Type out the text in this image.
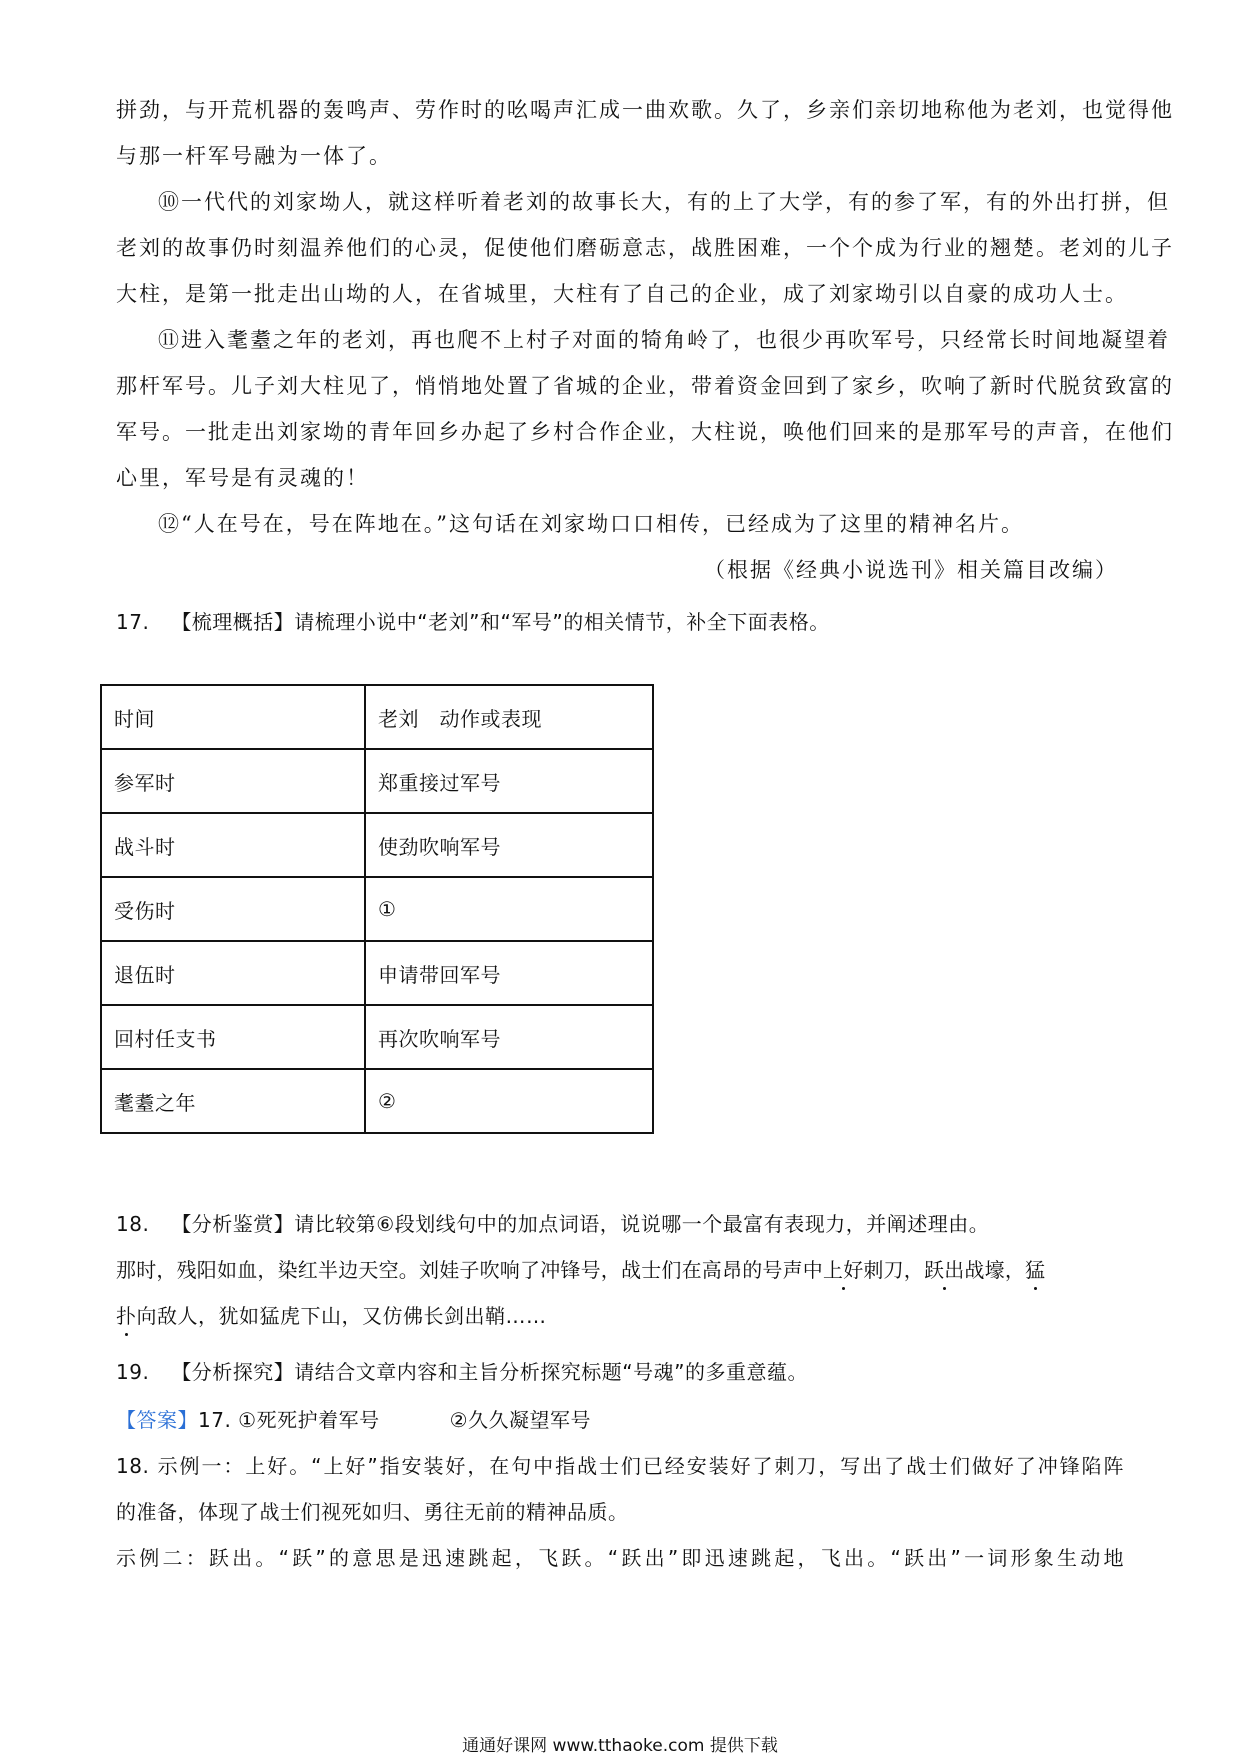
拼劲，与开荒机器的轰鸣声、劳作时的吆喝声汇成一曲欢歌。久了，乡亲们亲切地称他为老刘，也觉得他
与那一杆军号融为一体了。
⑩一代代的刘家坳人，就这样听着老刘的故事长大，有的上了大学，有的参了军，有的外出打拼，但
老刘的故事仍时刻温养他们的心灵，促使他们磨砺意志，战胜困难，一个个成为行业的翘楚。老刘的儿子
大柱，是第一批走出山坳的人，在省城里，大柱有了自己的企业，成了刘家坳引以自豪的成功人士。
⑪进入耄耋之年的老刘，再也爬不上村子对面的犄角岭了，也很少再吹军号，只经常长时间地凝望着
那杆军号。儿子刘大柱见了，悄悄地处置了省城的企业，带着资金回到了家乡，吹响了新时代脱贫致富的
军号。一批走出刘家坳的青年回乡办起了乡村合作企业，大柱说，唤他们回来的是那军号的声音，在他们
心里，军号是有灵魂的！
⑫“人在号在，号在阵地在。”这句话在刘家坳口口相传，已经成为了这里的精神名片。
（根据《经典小说选刊》相关篇目改编）
17. 【梳理概括】请梳理小说中“老刘”和“军号”的相关情节，补全下面表格。
时间	老刘　动作或表现
参军时	郑重接过军号
战斗时	使劲吹响军号
受伤时	①
退伍时	申请带回军号
回村任支书	再次吹响军号
耄耋之年	②
18. 【分析鉴赏】请比较第⑥段划线句中的加点词语，说说哪一个最富有表现力，并阐述理由。
那时，残阳如血，染红半边天空。刘娃子吹响了冲锋号，战士们在高昂的号声中上好刺刀，跃出战壕，猛
扑向敌人，犹如猛虎下山，又仿佛长剑出鞘……
19. 【分析探究】请结合文章内容和主旨分析探究标题“号魂”的多重意蕴。
【答案】17. ①死死护着军号	②久久凝望军号
18. 示例一：上好。“上好”指安装好，在句中指战士们已经安装好了刺刀，写出了战士们做好了冲锋陷阵
的准备，体现了战士们视死如归、勇往无前的精神品质。
示例二：跃出。“跃”的意思是迅速跳起，飞跃。“跃出”即迅速跳起，飞出。“跃出”一词形象生动地
通通好课网 www.tthaoke.com 提供下载
